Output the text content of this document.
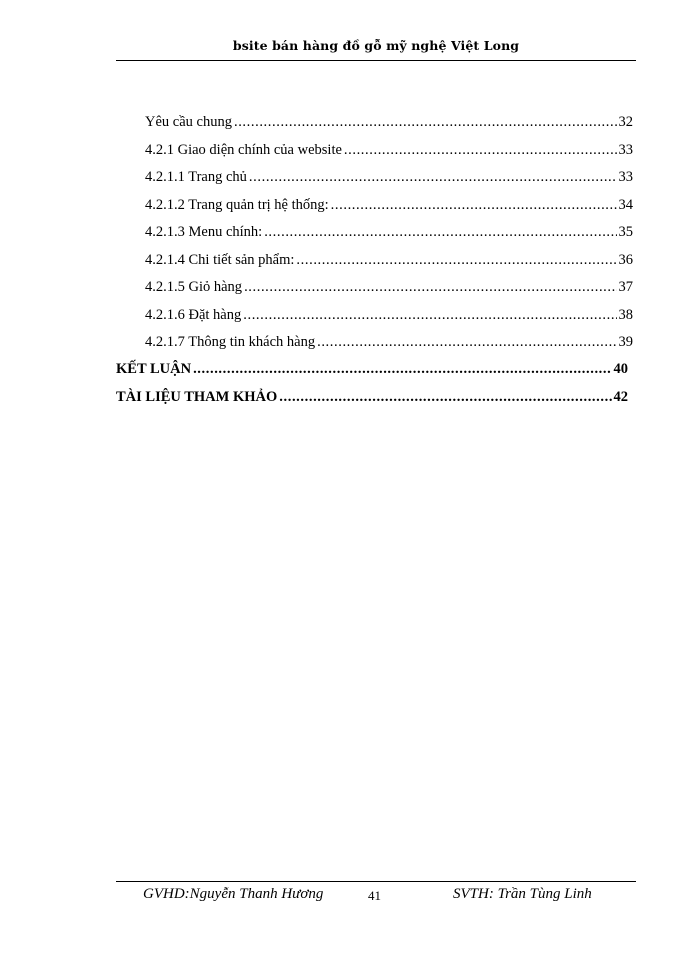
bsite bán hàng đồ gỗ mỹ nghệ Việt Long
Yêu cầu chung .....	32
4.2.1 Giao diện chính của website .....	33
4.2.1.1 Trang chủ .....	33
4.2.1.2 Trang quản trị hệ thống: .....	34
4.2.1.3 Menu chính: .....	35
4.2.1.4 Chi tiết sản phẩm: .....	36
4.2.1.5 Giỏ hàng .....	37
4.2.1.6 Đặt hàng .....	38
4.2.1.7 Thông tin khách hàng .....	39
KẾT LUẬN .....	40
TÀI LIỆU THAM KHẢO .....	42
GVHD:Nguyễn Thanh Hương	41	SVTH: Trần Tùng Linh
